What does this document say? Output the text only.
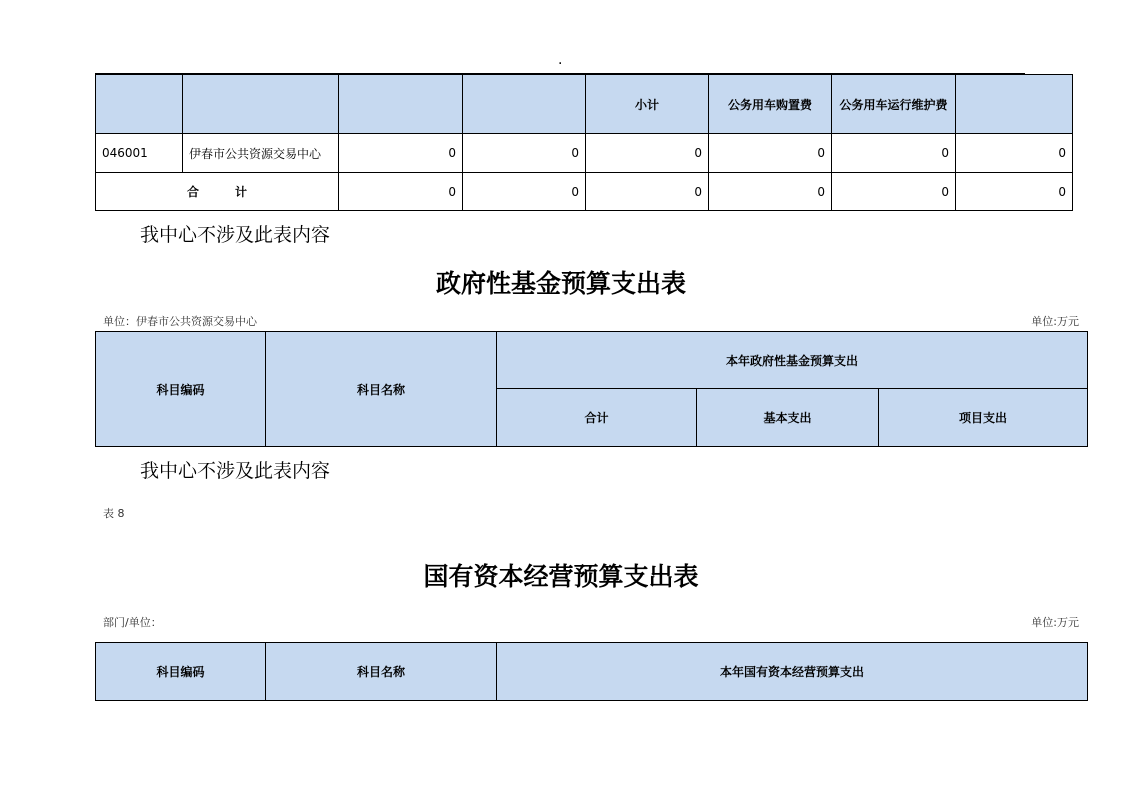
·
				小计	公务用车购置费	公务用车运行维护费	
046001	伊春市公共资源交易中心	0	0	0	0	0	0
合　　　计		0	0	0	0	0	0
我中心不涉及此表内容
政府性基金预算支出表
单位：伊春市公共资源交易中心	单位:万元
科目编码	科目名称	本年政府性基金预算支出		
		合计	基本支出	项目支出
我中心不涉及此表内容
表 8
国有资本经营预算支出表
部门/单位：	单位:万元
科目编码	科目名称	本年国有资本经营预算支出
